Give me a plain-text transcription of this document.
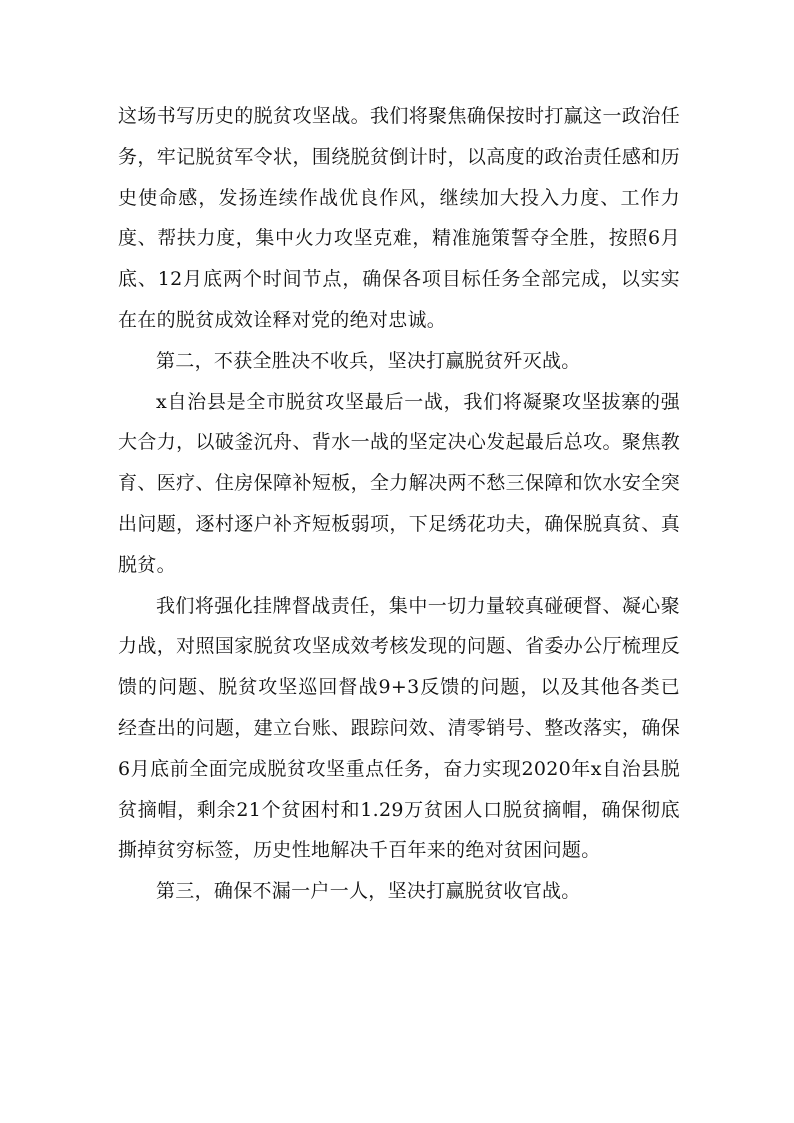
这场书写历史的脱贫攻坚战。我们将聚焦确保按时打赢这一政治任务，牢记脱贫军令状，围绕脱贫倒计时，以高度的政治责任感和历史使命感，发扬连续作战优良作风，继续加大投入力度、工作力度、帮扶力度，集中火力攻坚克难，精准施策誓夺全胜，按照6月底、12月底两个时间节点，确保各项目标任务全部完成，以实实在在的脱贫成效诠释对党的绝对忠诚。

第二，不获全胜决不收兵，坚决打赢脱贫歼灭战。

x自治县是全市脱贫攻坚最后一战，我们将凝聚攻坚拔寨的强大合力，以破釜沉舟、背水一战的坚定决心发起最后总攻。聚焦教育、医疗、住房保障补短板，全力解决两不愁三保障和饮水安全突出问题，逐村逐户补齐短板弱项，下足绣花功夫，确保脱真贫、真脱贫。

我们将强化挂牌督战责任，集中一切力量较真碰硬督、凝心聚力战，对照国家脱贫攻坚成效考核发现的问题、省委办公厅梳理反馈的问题、脱贫攻坚巡回督战9+3反馈的问题，以及其他各类已经查出的问题，建立台账、跟踪问效、清零销号、整改落实，确保6月底前全面完成脱贫攻坚重点任务，奋力实现2020年x自治县脱贫摘帽，剩余21个贫困村和1.29万贫困人口脱贫摘帽，确保彻底撕掉贫穷标签，历史性地解决千百年来的绝对贫困问题。

第三，确保不漏一户一人，坚决打赢脱贫收官战。
